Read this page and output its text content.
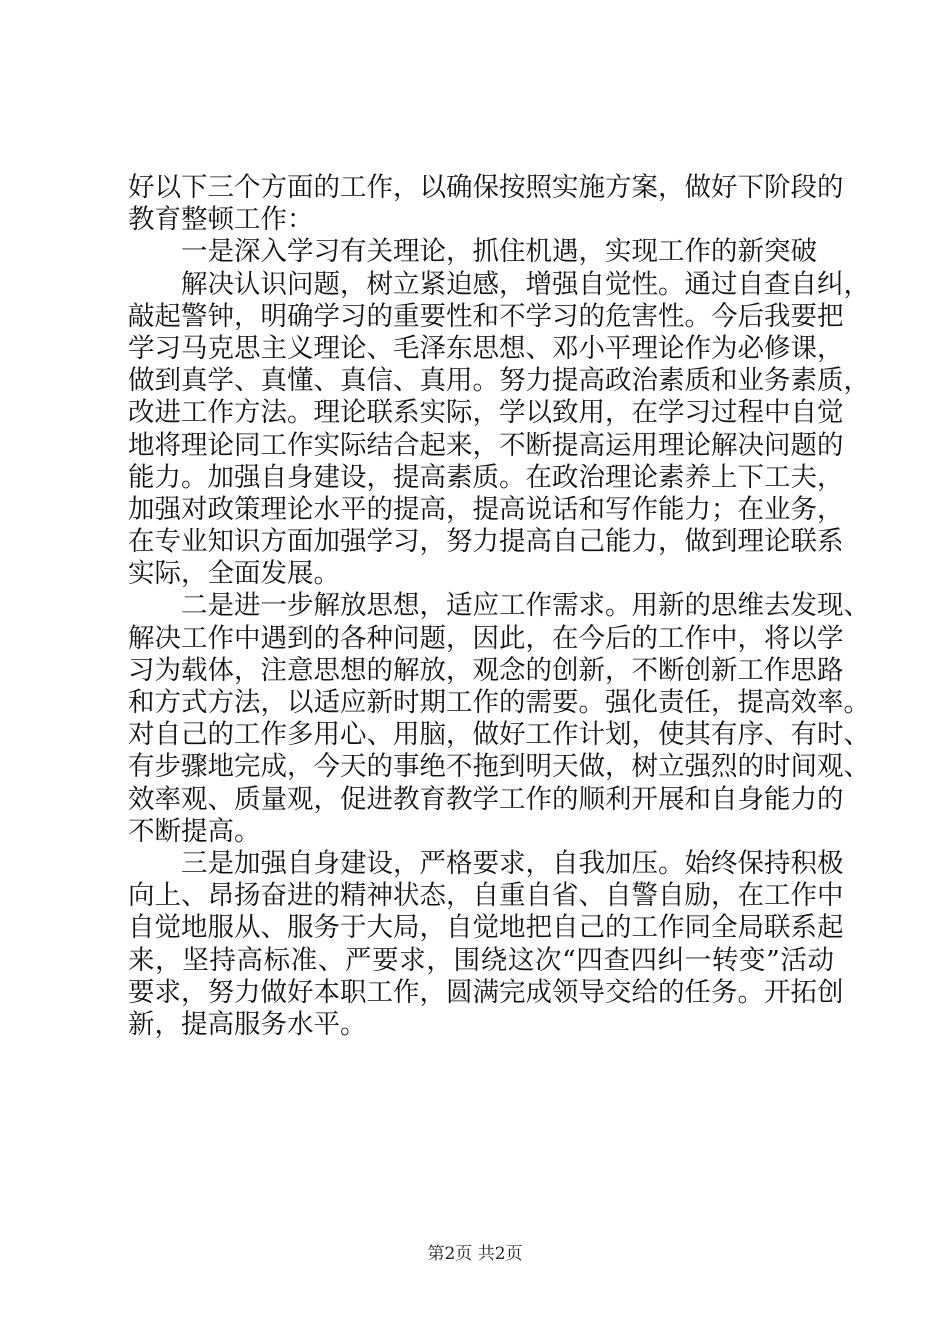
好以下三个方面的工作，以确保按照实施方案，做好下阶段的
教育整顿工作：
一是深入学习有关理论，抓住机遇，实现工作的新突破
解决认识问题，树立紧迫感，增强自觉性。通过自查自纠，
敲起警钟，明确学习的重要性和不学习的危害性。今后我要把
学习马克思主义理论、毛泽东思想、邓小平理论作为必修课，
做到真学、真懂、真信、真用。努力提高政治素质和业务素质，
改进工作方法。理论联系实际，学以致用，在学习过程中自觉
地将理论同工作实际结合起来，不断提高运用理论解决问题的
能力。加强自身建设，提高素质。在政治理论素养上下工夫，
加强对政策理论水平的提高，提高说话和写作能力；在业务，
在专业知识方面加强学习，努力提高自己能力，做到理论联系
实际，全面发展。
二是进一步解放思想，适应工作需求。用新的思维去发现、
解决工作中遇到的各种问题，因此，在今后的工作中，将以学
习为载体，注意思想的解放，观念的创新，不断创新工作思路
和方式方法，以适应新时期工作的需要。强化责任，提高效率。
对自己的工作多用心、用脑，做好工作计划，使其有序、有时、
有步骤地完成，今天的事绝不拖到明天做，树立强烈的时间观、
效率观、质量观，促进教育教学工作的顺利开展和自身能力的
不断提高。
三是加强自身建设，严格要求，自我加压。始终保持积极
向上、昂扬奋进的精神状态，自重自省、自警自励，在工作中
自觉地服从、服务于大局，自觉地把自己的工作同全局联系起
来，坚持高标准、严要求，围绕这次“四查四纠一转变”活动
要求，努力做好本职工作，圆满完成领导交给的任务。开拓创
新，提高服务水平。
第2页 共2页
